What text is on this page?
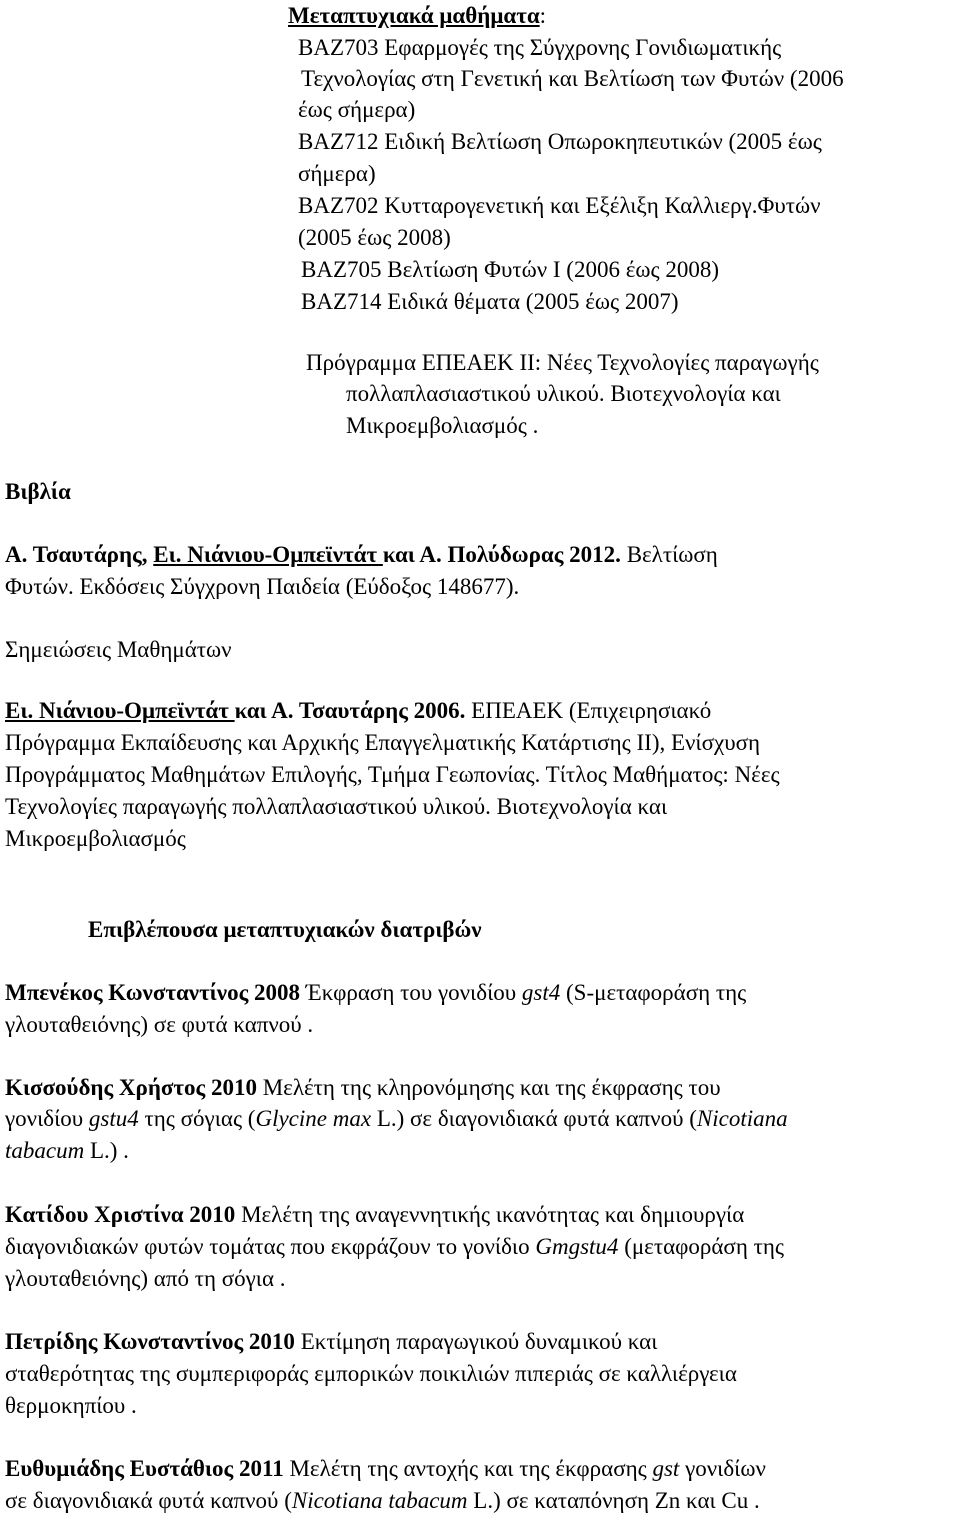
Μεταπτυχιακά μαθήματα:
ΒΑΖ703 Εφαρμογές της Σύγχρονης Γονιδιωματικής
Τεχνολογίας στη Γενετική και Βελτίωση των Φυτών (2006
έως σήμερα)
ΒΑΖ712 Ειδική Βελτίωση Οπωροκηπευτικών (2005 έως
σήμερα)
ΒΑΖ702 Κυτταρογενετική και Εξέλιξη Καλλιεργ.Φυτών
(2005 έως 2008)
ΒΑΖ705 Βελτίωση Φυτών Ι (2006 έως 2008)
ΒΑΖ714 Ειδικά θέματα (2005 έως 2007)
Πρόγραμμα ΕΠΕΑΕΚ ΙΙ: Νέες Τεχνολογίες παραγωγής
πολλαπλασιαστικού υλικού. Βιοτεχνολογία και
Μικροεμβολιασμός .
Βιβλία
Α. Τσαυτάρης, Ει. Νιάνιου-Ομπεϊντάτ και Α. Πολύδωρας 2012. Βελτίωση
Φυτών. Εκδόσεις Σύγχρονη Παιδεία (Εύδοξος 148677).
Σημειώσεις Μαθημάτων
Ει. Νιάνιου-Ομπεϊντάτ και Α. Τσαυτάρης 2006. ΕΠΕΑΕΚ (Επιχειρησιακό
Πρόγραμμα Εκπαίδευσης και Αρχικής Επαγγελματικής Κατάρτισης ΙΙ), Ενίσχυση
Προγράμματος Μαθημάτων Επιλογής, Τμήμα Γεωπονίας. Τίτλος Μαθήματος: Νέες
Τεχνολογίες παραγωγής πολλαπλασιαστικού υλικού. Βιοτεχνολογία και
Μικροεμβολιασμός
Επιβλέπουσα μεταπτυχιακών διατριβών
Μπενέκος Κωνσταντίνος 2008 Έκφραση του γονιδίου gst4 (S-μεταφοράση της
γλουταθειόνης) σε φυτά καπνού .
Κισσούδης Χρήστος 2010 Μελέτη της κληρονόμησης και της έκφρασης του
γονιδίου gstu4 της σόγιας (Glycine max L.) σε διαγονιδιακά φυτά καπνού (Nicotiana
tabacum L.) .
Κατίδου Χριστίνα 2010 Μελέτη της αναγεννητικής ικανότητας και δημιουργία
διαγονιδιακών φυτών τομάτας που εκφράζουν το γονίδιο Gmgstu4 (μεταφοράση της
γλουταθειόνης) από τη σόγια .
Πετρίδης Κωνσταντίνος 2010 Εκτίμηση παραγωγικού δυναμικού και
σταθερότητας της συμπεριφοράς εμπορικών ποικιλιών πιπεριάς σε καλλιέργεια
θερμοκηπίου .
Ευθυμιάδης Ευστάθιος 2011 Μελέτη της αντοχής και της έκφρασης gst γονιδίων
σε διαγονιδιακά φυτά καπνού (Nicotiana tabacum L.) σε καταπόνηση Zn και Cu .
